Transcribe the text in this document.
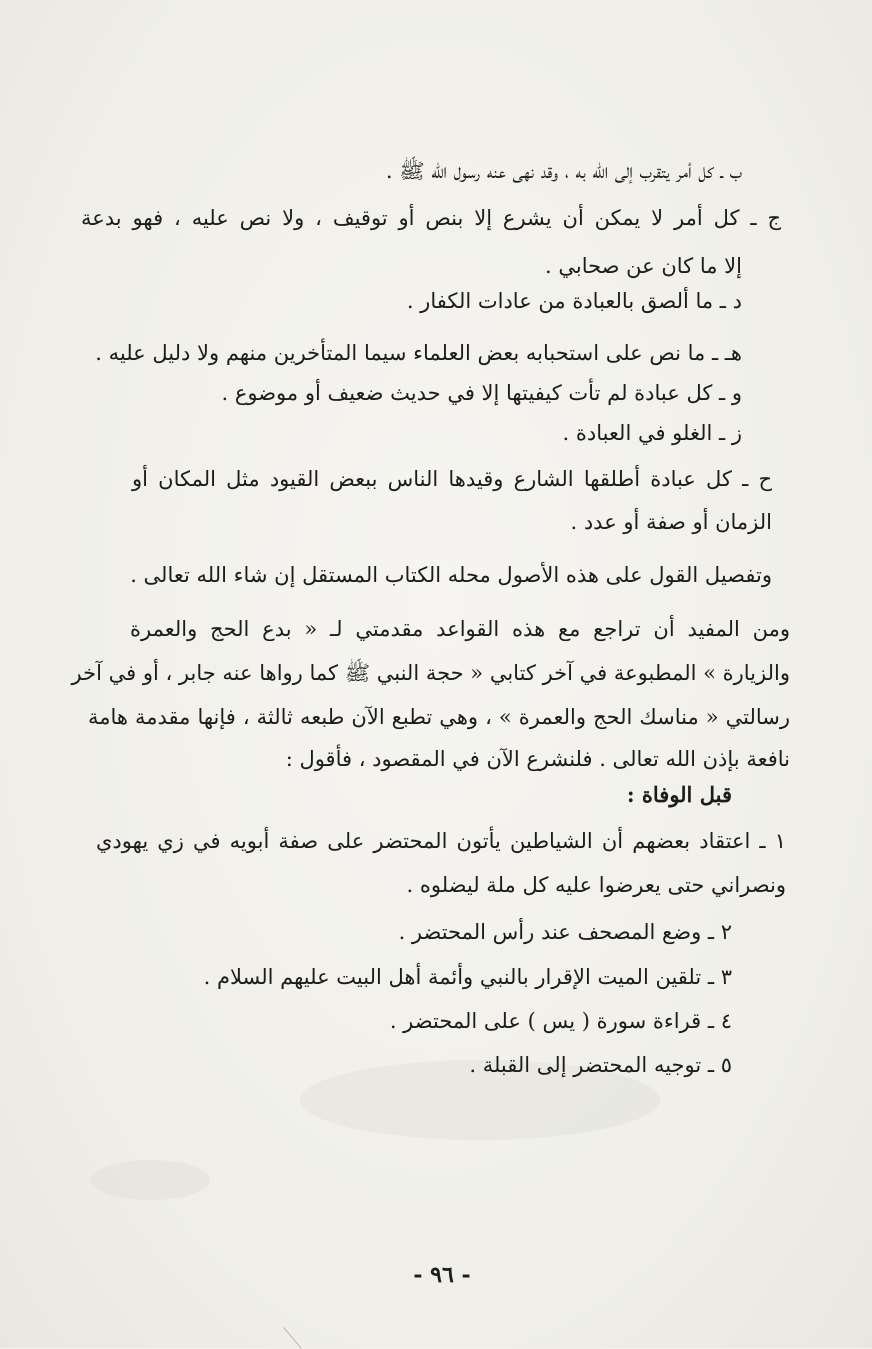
ب ـ كل أمر يتقرب إلى الله به ، وقد نهى عنه رسول الله ﷺ .
ج ـ كل أمر لا يمكن أن يشرع إلا بنص أو توقيف ، ولا نص عليه ، فهو بدعة
إلا ما كان عن صحابي .
د ـ ما ألصق بالعبادة من عادات الكفار .
هـ ـ ما نص على استحبابه بعض العلماء سيما المتأخرين منهم ولا دليل عليه .
و ـ كل عبادة لم تأت كيفيتها إلا في حديث ضعيف أو موضوع .
ز ـ الغلو في العبادة .
ح ـ كل عبادة أطلقها الشارع وقيدها الناس ببعض القيود مثل المكان أو
الزمان أو صفة أو عدد .
وتفصيل القول على هذه الأصول محله الكتاب المستقل إن شاء الله تعالى .
ومن المفيد أن تراجع مع هذه القواعد مقدمتي لـ « بدع الحج والعمرة
والزيارة » المطبوعة في آخر كتابي « حجة النبي ﷺ كما رواها عنه جابر ، أو في آخر
رسالتي « مناسك الحج والعمرة » ، وهي تطبع الآن طبعه ثالثة ، فإنها مقدمة هامة
نافعة بإذن الله تعالى . فلنشرع الآن في المقصود ، فأقول :
قبل الوفاة :
١ ـ اعتقاد بعضهم أن الشياطين يأتون المحتضر على صفة أبويه في زي يهودي
ونصراني حتى يعرضوا عليه كل ملة ليضلوه .
٢ ـ وضع المصحف عند رأس المحتضر .
٣ ـ تلقين الميت الإقرار بالنبي وأئمة أهل البيت عليهم السلام .
٤ ـ قراءة سورة ( يس ) على المحتضر .
٥ ـ توجيه المحتضر إلى القبلة .
- ٩٦ -
